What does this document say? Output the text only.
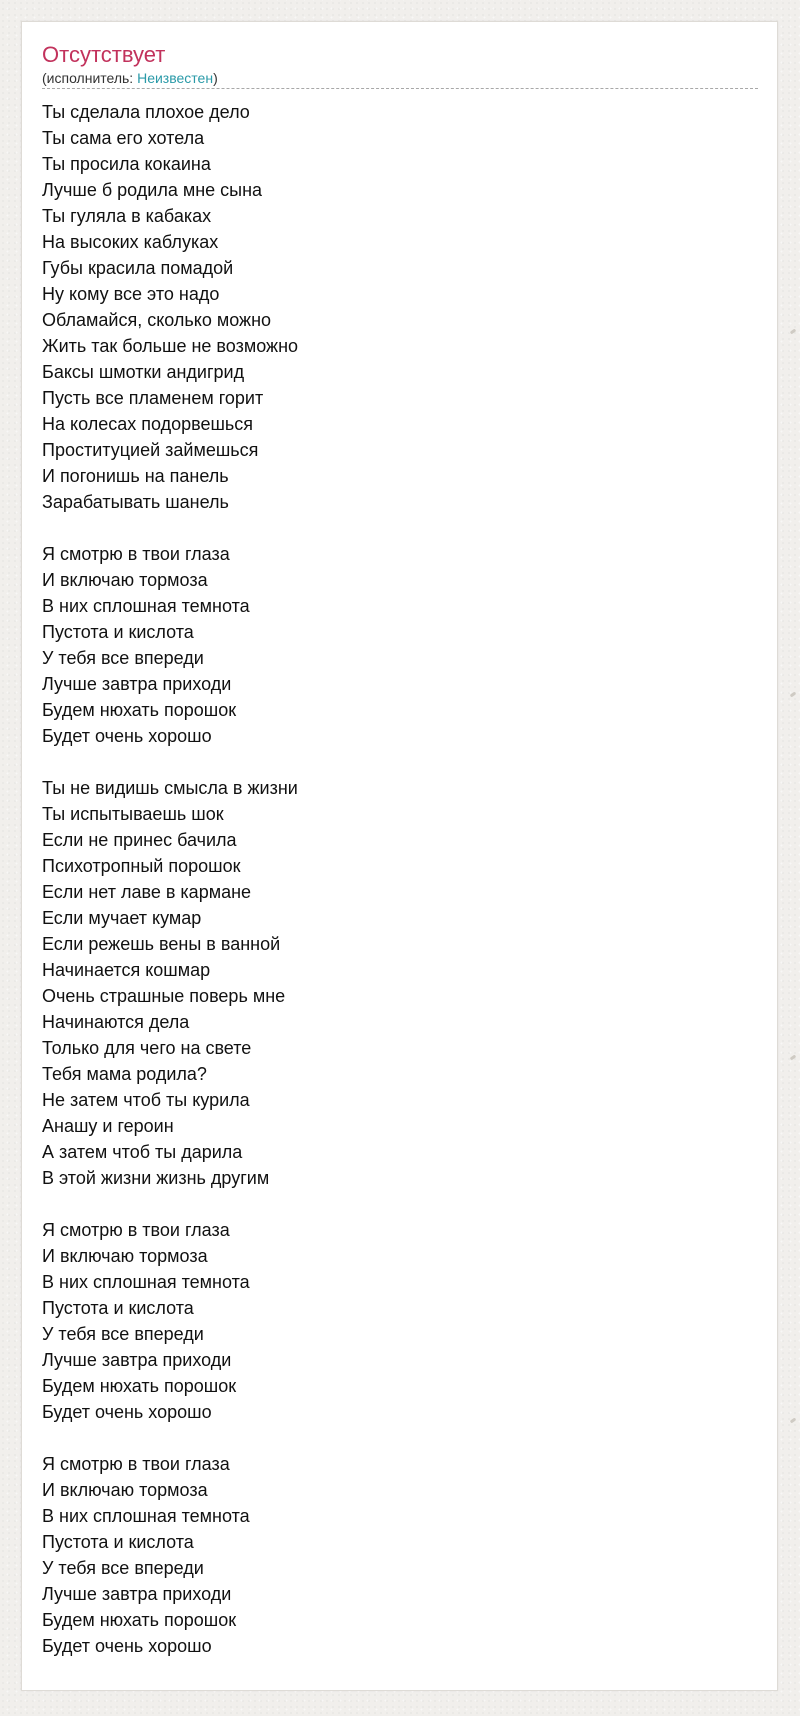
Отсутствует
(исполнитель: Неизвестен)
Ты сделала плохое дело
Ты сама его хотела
Ты просила кокаина
Лучше б родила мне сына
Ты гуляла в кабаках
На высоких каблуках
Губы красила помадой
Ну кому все это надо
Обламайся, сколько можно
Жить так больше не возможно
Баксы шмотки андигрид
Пусть все пламенем горит
На колесах подорвешься
Проституцией займешься
И погонишь на панель
Зарабатывать шанель
Я смотрю в твои глаза
И включаю тормоза
В них сплошная темнота
Пустота и кислота
У тебя все впереди
Лучше завтра приходи
Будем нюхать порошок
Будет очень хорошо
Ты не видишь смысла в жизни
Ты испытываешь шок
Если не принес бачила
Психотропный порошок
Если нет лаве в кармане
Если мучает кумар
Если режешь вены в ванной
Начинается кошмар
Очень страшные поверь мне
Начинаются дела
Только для чего на свете
Тебя мама родила?
Не затем чтоб ты курила
Анашу и героин
А затем чтоб ты дарила
В этой жизни жизнь другим
Я смотрю в твои глаза
И включаю тормоза
В них сплошная темнота
Пустота и кислота
У тебя все впереди
Лучше завтра приходи
Будем нюхать порошок
Будет очень хорошо
Я смотрю в твои глаза
И включаю тормоза
В них сплошная темнота
Пустота и кислота
У тебя все впереди
Лучше завтра приходи
Будем нюхать порошок
Будет очень хорошо
